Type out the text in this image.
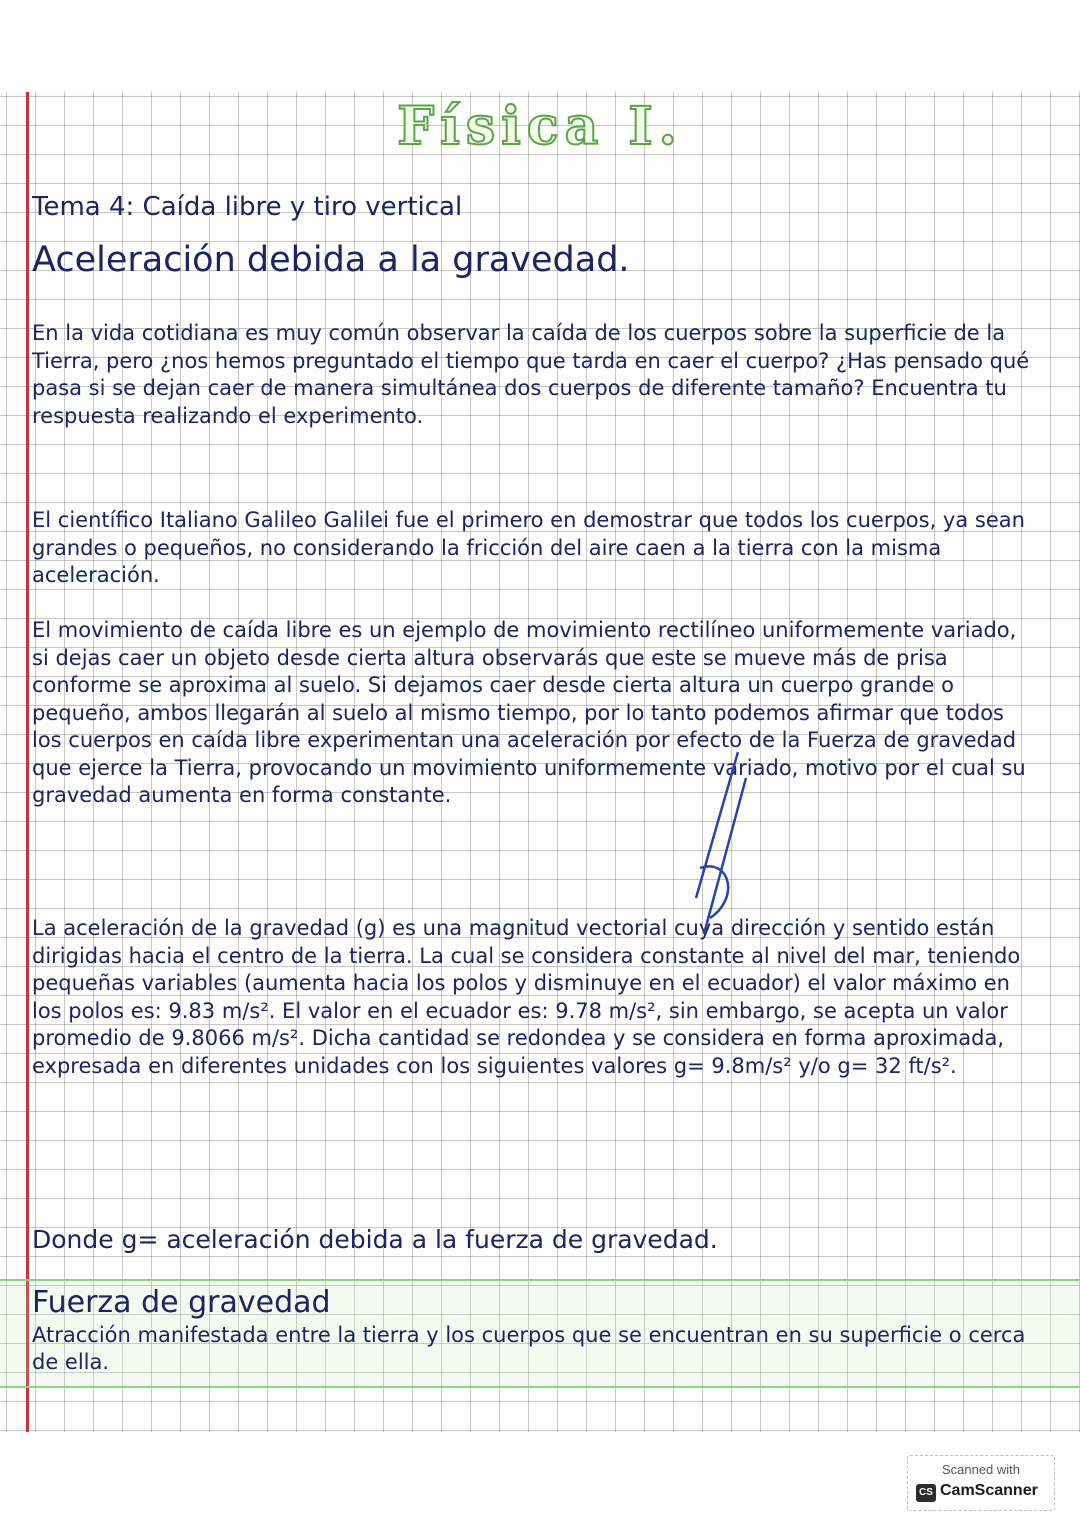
Física I.

Tema 4: Caída libre y tiro vertical

Aceleración debida a la gravedad.

En la vida cotidiana es muy común observar la caída de los cuerpos sobre la superficie de la Tierra, pero ¿nos hemos preguntado el tiempo que tarda en caer el cuerpo? ¿Has pensado qué pasa si se dejan caer de manera simultánea dos cuerpos de diferente tamaño? Encuentra tu respuesta realizando el experimento.

El científico Italiano Galileo Galilei fue el primero en demostrar que todos los cuerpos, ya sean grandes o pequeños, no considerando la fricción del aire caen a la tierra con la misma aceleración.

El movimiento de caída libre es un ejemplo de movimiento rectilíneo uniformemente variado, si dejas caer un objeto desde cierta altura observarás que este se mueve más de prisa conforme se aproxima al suelo. Si dejamos caer desde cierta altura un cuerpo grande o pequeño, ambos llegarán al suelo al mismo tiempo, por lo tanto podemos afirmar que todos los cuerpos en caída libre experimentan una aceleración por efecto de la Fuerza de gravedad que ejerce la Tierra, provocando un movimiento uniformemente variado, motivo por el cual su gravedad aumenta en forma constante.

La aceleración de la gravedad (g) es una magnitud vectorial cuya dirección y sentido están dirigidas hacia el centro de la tierra. La cual se considera constante al nivel del mar, teniendo pequeñas variables (aumenta hacia los polos y disminuye en el ecuador) el valor máximo en los polos es: 9.83 m/s². El valor en el ecuador es: 9.78 m/s², sin embargo, se acepta un valor promedio de 9.8066 m/s². Dicha cantidad se redondea y se considera en forma aproximada, expresada en diferentes unidades con los siguientes valores g= 9.8m/s² y/o g= 32 ft/s².

Donde g= aceleración debida a la fuerza de gravedad.

Fuerza de gravedad

Atracción manifestada entre la tierra y los cuerpos que se encuentran en su superficie o cerca de ella.

Scanned with
CS CamScanner
